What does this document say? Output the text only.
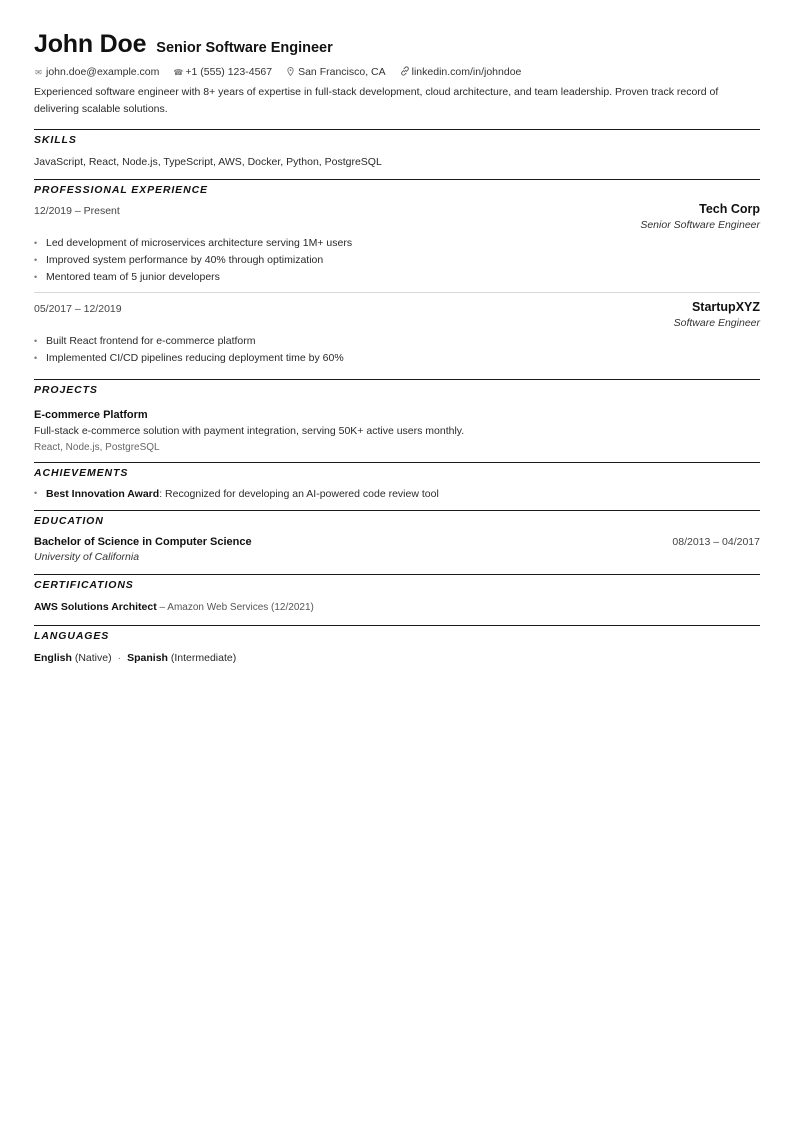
John Doe Senior Software Engineer
✉ john.doe@example.com ☎ +1 (555) 123-4567 San Francisco, CA linkedin.com/in/johndoe
Experienced software engineer with 8+ years of expertise in full-stack development, cloud architecture, and team leadership. Proven track record of delivering scalable solutions.
SKILLS
JavaScript, React, Node.js, TypeScript, AWS, Docker, Python, PostgreSQL
PROFESSIONAL EXPERIENCE
12/2019 – Present	Tech Corp
Senior Software Engineer
• Led development of microservices architecture serving 1M+ users
• Improved system performance by 40% through optimization
• Mentored team of 5 junior developers
05/2017 – 12/2019	StartupXYZ
Software Engineer
• Built React frontend for e-commerce platform
• Implemented CI/CD pipelines reducing deployment time by 60%
PROJECTS
E-commerce Platform
Full-stack e-commerce solution with payment integration, serving 50K+ active users monthly.
React, Node.js, PostgreSQL
ACHIEVEMENTS
• Best Innovation Award: Recognized for developing an AI-powered code review tool
EDUCATION
Bachelor of Science in Computer Science
University of California
08/2013 – 04/2017
CERTIFICATIONS
AWS Solutions Architect – Amazon Web Services (12/2021)
LANGUAGES
English (Native) · Spanish (Intermediate)
